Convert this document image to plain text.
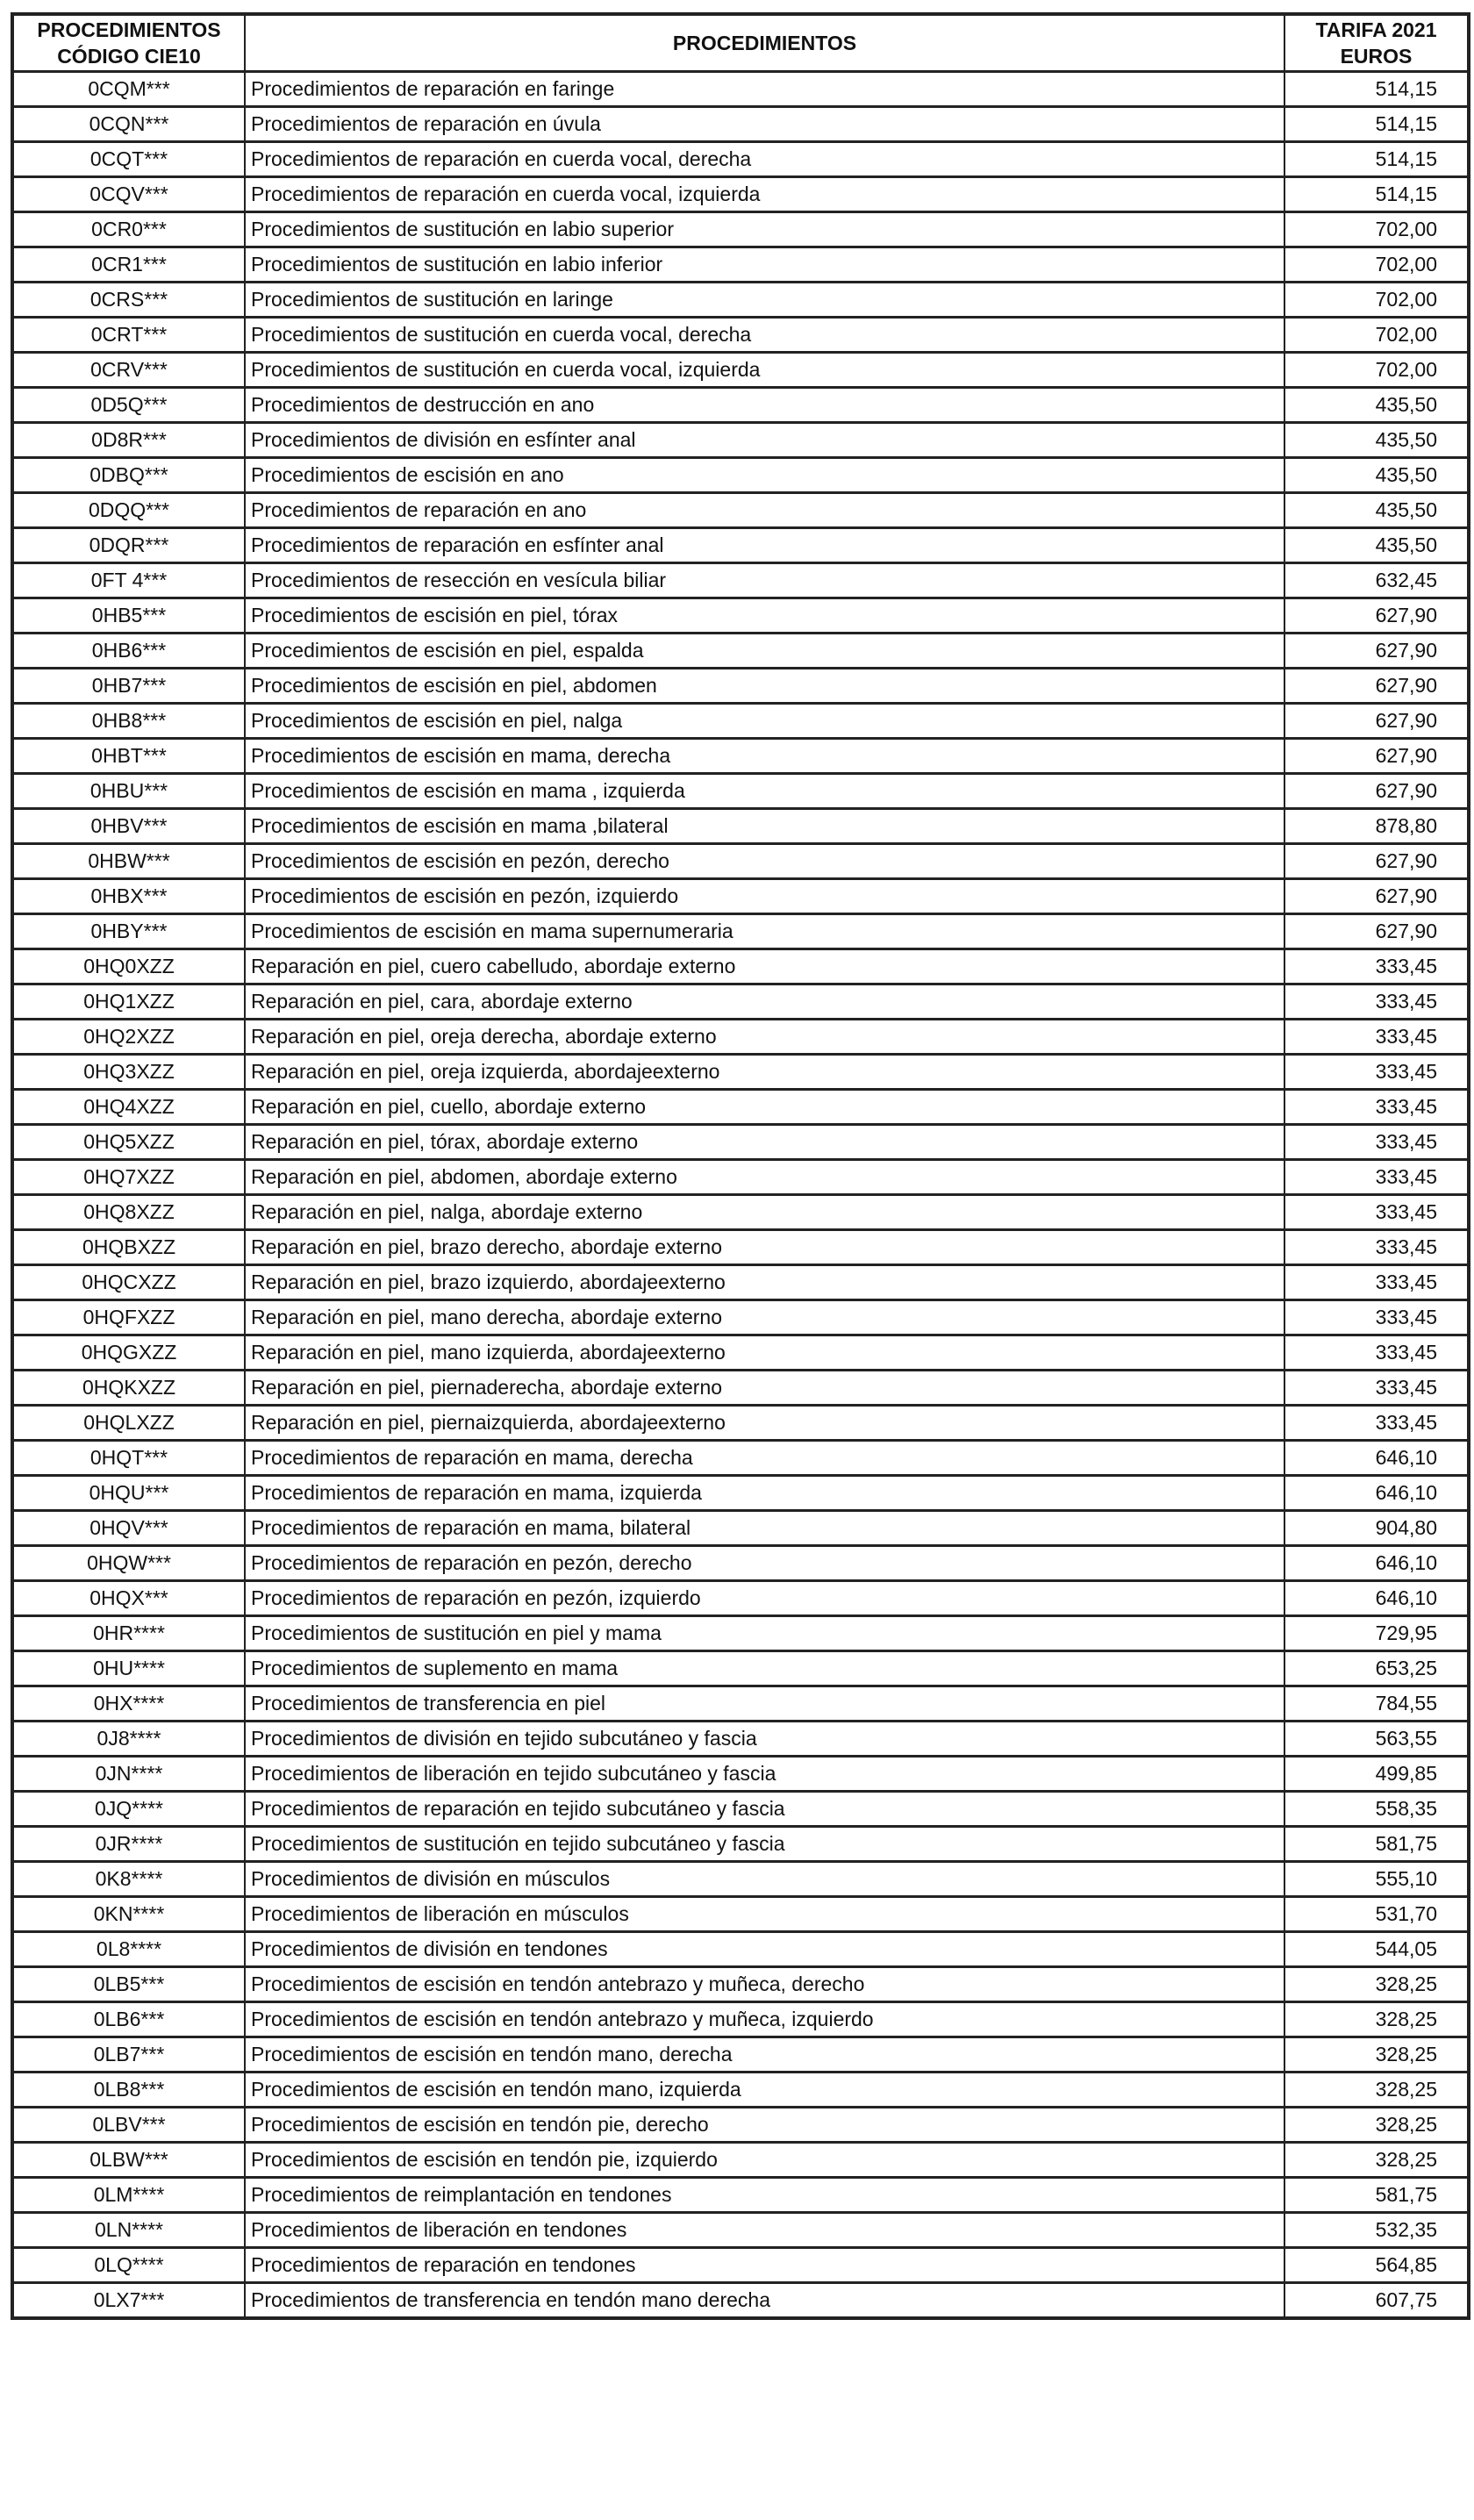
PROCEDIMIENTOS
CÓDIGO CIE10	PROCEDIMIENTOS	TARIFA 2021
EUROS
0CQM***	Procedimientos de reparación en faringe	514,15
0CQN***	Procedimientos de reparación en úvula	514,15
0CQT***	Procedimientos de reparación en cuerda vocal, derecha	514,15
0CQV***	Procedimientos de reparación en cuerda vocal, izquierda	514,15
0CR0***	Procedimientos de sustitución en labio superior	702,00
0CR1***	Procedimientos de sustitución en labio inferior	702,00
0CRS***	Procedimientos de sustitución en laringe	702,00
0CRT***	Procedimientos de sustitución en cuerda vocal, derecha	702,00
0CRV***	Procedimientos de sustitución en cuerda vocal, izquierda	702,00
0D5Q***	Procedimientos de destrucción en ano	435,50
0D8R***	Procedimientos de división en esfínter anal	435,50
0DBQ***	Procedimientos de escisión en ano	435,50
0DQQ***	Procedimientos de reparación en ano	435,50
0DQR***	Procedimientos de reparación en esfínter anal	435,50
0FT 4***	Procedimientos de resección en vesícula biliar	632,45
0HB5***	Procedimientos de escisión en piel, tórax	627,90
0HB6***	Procedimientos de escisión en piel, espalda	627,90
0HB7***	Procedimientos de escisión en piel, abdomen	627,90
0HB8***	Procedimientos de escisión en piel, nalga	627,90
0HBT***	Procedimientos de escisión en mama, derecha	627,90
0HBU***	Procedimientos de escisión en mama , izquierda	627,90
0HBV***	Procedimientos de escisión en mama ,bilateral	878,80
0HBW***	Procedimientos de escisión en pezón, derecho	627,90
0HBX***	Procedimientos de escisión en pezón, izquierdo	627,90
0HBY***	Procedimientos de escisión en mama supernumeraria	627,90
0HQ0XZZ	Reparación en piel, cuero cabelludo, abordaje externo	333,45
0HQ1XZZ	Reparación en piel, cara, abordaje externo	333,45
0HQ2XZZ	Reparación en piel, oreja derecha, abordaje externo	333,45
0HQ3XZZ	Reparación en piel, oreja izquierda, abordajeexterno	333,45
0HQ4XZZ	Reparación en piel, cuello, abordaje externo	333,45
0HQ5XZZ	Reparación en piel, tórax, abordaje externo	333,45
0HQ7XZZ	Reparación en piel, abdomen, abordaje externo	333,45
0HQ8XZZ	Reparación en piel, nalga, abordaje externo	333,45
0HQBXZZ	Reparación en piel, brazo derecho, abordaje externo	333,45
0HQCXZZ	Reparación en piel, brazo izquierdo, abordajeexterno	333,45
0HQFXZZ	Reparación en piel, mano derecha, abordaje externo	333,45
0HQGXZZ	Reparación en piel, mano izquierda, abordajeexterno	333,45
0HQKXZZ	Reparación en piel, piernaderecha, abordaje externo	333,45
0HQLXZZ	Reparación en piel, piernaizquierda, abordajeexterno	333,45
0HQT***	Procedimientos de reparación en mama, derecha	646,10
0HQU***	Procedimientos de reparación en mama, izquierda	646,10
0HQV***	Procedimientos de reparación en mama, bilateral	904,80
0HQW***	Procedimientos de reparación en pezón, derecho	646,10
0HQX***	Procedimientos de reparación en pezón, izquierdo	646,10
0HR****	Procedimientos de sustitución en piel y mama	729,95
0HU****	Procedimientos de suplemento en mama	653,25
0HX****	Procedimientos de transferencia en piel	784,55
0J8****	Procedimientos de división en tejido subcutáneo y fascia	563,55
0JN****	Procedimientos de liberación en tejido subcutáneo y fascia	499,85
0JQ****	Procedimientos de reparación en tejido subcutáneo y fascia	558,35
0JR****	Procedimientos de sustitución en tejido subcutáneo y fascia	581,75
0K8****	Procedimientos de división en músculos	555,10
0KN****	Procedimientos de liberación en músculos	531,70
0L8****	Procedimientos de división en tendones	544,05
0LB5***	Procedimientos de escisión en tendón antebrazo y muñeca, derecho	328,25
0LB6***	Procedimientos de escisión en tendón antebrazo y muñeca, izquierdo	328,25
0LB7***	Procedimientos de escisión en tendón mano, derecha	328,25
0LB8***	Procedimientos de escisión en tendón mano, izquierda	328,25
0LBV***	Procedimientos de escisión en tendón pie, derecho	328,25
0LBW***	Procedimientos de escisión en tendón pie, izquierdo	328,25
0LM****	Procedimientos de reimplantación en tendones	581,75
0LN****	Procedimientos de liberación en tendones	532,35
0LQ****	Procedimientos de reparación en tendones	564,85
0LX7***	Procedimientos de transferencia en tendón mano derecha	607,75
